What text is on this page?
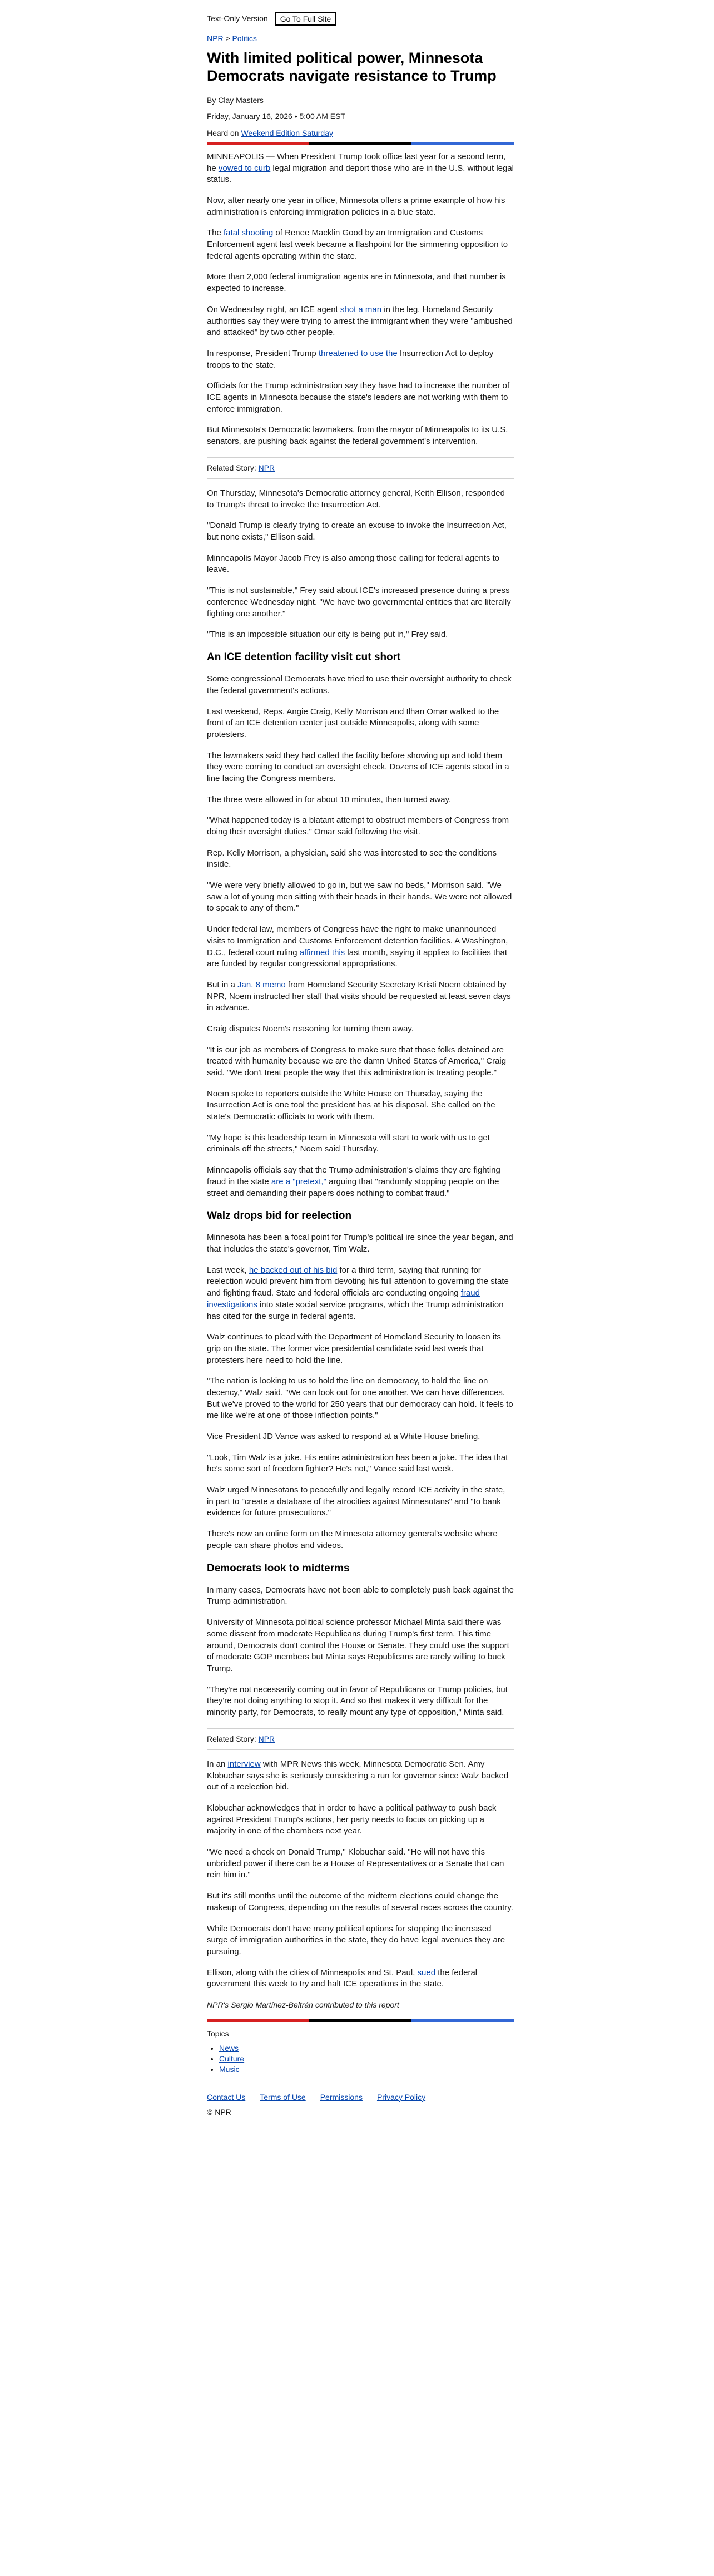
Text-Only Version	Go To Full Site
NPR > Politics
With limited political power, Minnesota Democrats navigate resistance to Trump

By Clay Masters

Friday, January 16, 2026 • 5:00 AM EST

Heard on Weekend Edition Saturday

MINNEAPOLIS — When President Trump took office last year for a second term, he vowed to curb legal migration and deport those who are in the U.S. without legal status.

Now, after nearly one year in office, Minnesota offers a prime example of how his administration is enforcing immigration policies in a blue state.

The fatal shooting of Renee Macklin Good by an Immigration and Customs Enforcement agent last week became a flashpoint for the simmering opposition to federal agents operating within the state.

More than 2,000 federal immigration agents are in Minnesota, and that number is expected to increase.

On Wednesday night, an ICE agent shot a man in the leg. Homeland Security authorities say they were trying to arrest the immigrant when they were "ambushed and attacked" by two other people.

In response, President Trump threatened to use the Insurrection Act to deploy troops to the state.

Officials for the Trump administration say they have had to increase the number of ICE agents in Minnesota because the state's leaders are not working with them to enforce immigration.

But Minnesota's Democratic lawmakers, from the mayor of Minneapolis to its U.S. senators, are pushing back against the federal government's intervention.

Related Story: NPR

On Thursday, Minnesota's Democratic attorney general, Keith Ellison, responded to Trump's threat to invoke the Insurrection Act.

"Donald Trump is clearly trying to create an excuse to invoke the Insurrection Act, but none exists," Ellison said.

Minneapolis Mayor Jacob Frey is also among those calling for federal agents to leave.

"This is not sustainable," Frey said about ICE's increased presence during a press conference Wednesday night. "We have two governmental entities that are literally fighting one another."

"This is an impossible situation our city is being put in," Frey said.

An ICE detention facility visit cut short

Some congressional Democrats have tried to use their oversight authority to check the federal government's actions.

Last weekend, Reps. Angie Craig, Kelly Morrison and Ilhan Omar walked to the front of an ICE detention center just outside Minneapolis, along with some protesters.

The lawmakers said they had called the facility before showing up and told them they were coming to conduct an oversight check. Dozens of ICE agents stood in a line facing the Congress members.

The three were allowed in for about 10 minutes, then turned away.

"What happened today is a blatant attempt to obstruct members of Congress from doing their oversight duties," Omar said following the visit.

Rep. Kelly Morrison, a physician, said she was interested to see the conditions inside.

"We were very briefly allowed to go in, but we saw no beds," Morrison said. "We saw a lot of young men sitting with their heads in their hands. We were not allowed to speak to any of them."

Under federal law, members of Congress have the right to make unannounced visits to Immigration and Customs Enforcement detention facilities. A Washington, D.C., federal court ruling affirmed this last month, saying it applies to facilities that are funded by regular congressional appropriations.

But in a Jan. 8 memo from Homeland Security Secretary Kristi Noem obtained by NPR, Noem instructed her staff that visits should be requested at least seven days in advance.

Craig disputes Noem's reasoning for turning them away.

"It is our job as members of Congress to make sure that those folks detained are treated with humanity because we are the damn United States of America," Craig said. "We don't treat people the way that this administration is treating people."

Noem spoke to reporters outside the White House on Thursday, saying the Insurrection Act is one tool the president has at his disposal. She called on the state's Democratic officials to work with them.

"My hope is this leadership team in Minnesota will start to work with us to get criminals off the streets," Noem said Thursday.

Minneapolis officials say that the Trump administration's claims they are fighting fraud in the state are a "pretext," arguing that "randomly stopping people on the street and demanding their papers does nothing to combat fraud."

Walz drops bid for reelection

Minnesota has been a focal point for Trump's political ire since the year began, and that includes the state's governor, Tim Walz.

Last week, he backed out of his bid for a third term, saying that running for reelection would prevent him from devoting his full attention to governing the state and fighting fraud. State and federal officials are conducting ongoing fraud investigations into state social service programs, which the Trump administration has cited for the surge in federal agents.

Walz continues to plead with the Department of Homeland Security to loosen its grip on the state. The former vice presidential candidate said last week that protesters here need to hold the line.

"The nation is looking to us to hold the line on democracy, to hold the line on decency," Walz said. "We can look out for one another. We can have differences. But we've proved to the world for 250 years that our democracy can hold. It feels to me like we're at one of those inflection points."

Vice President JD Vance was asked to respond at a White House briefing.

"Look, Tim Walz is a joke. His entire administration has been a joke. The idea that he's some sort of freedom fighter? He's not," Vance said last week.

Walz urged Minnesotans to peacefully and legally record ICE activity in the state, in part to "create a database of the atrocities against Minnesotans" and "to bank evidence for future prosecutions."

There's now an online form on the Minnesota attorney general's website where people can share photos and videos.

Democrats look to midterms

In many cases, Democrats have not been able to completely push back against the Trump administration.

University of Minnesota political science professor Michael Minta said there was some dissent from moderate Republicans during Trump's first term. This time around, Democrats don't control the House or Senate. They could use the support of moderate GOP members but Minta says Republicans are rarely willing to buck Trump.

"They're not necessarily coming out in favor of Republicans or Trump policies, but they're not doing anything to stop it. And so that makes it very difficult for the minority party, for Democrats, to really mount any type of opposition," Minta said.

Related Story: NPR

In an interview with MPR News this week, Minnesota Democratic Sen. Amy Klobuchar says she is seriously considering a run for governor since Walz backed out of a reelection bid.

Klobuchar acknowledges that in order to have a political pathway to push back against President Trump's actions, her party needs to focus on picking up a majority in one of the chambers next year.

"We need a check on Donald Trump," Klobuchar said. "He will not have this unbridled power if there can be a House of Representatives or a Senate that can rein him in."

But it's still months until the outcome of the midterm elections could change the makeup of Congress, depending on the results of several races across the country.

While Democrats don't have many political options for stopping the increased surge of immigration authorities in the state, they do have legal avenues they are pursuing.

Ellison, along with the cities of Minneapolis and St. Paul, sued the federal government this week to try and halt ICE operations in the state.

NPR's Sergio Martínez-Beltrán contributed to this report

Topics
• News
• Culture
• Music
Contact Us Terms of Use Permissions Privacy Policy
© NPR
